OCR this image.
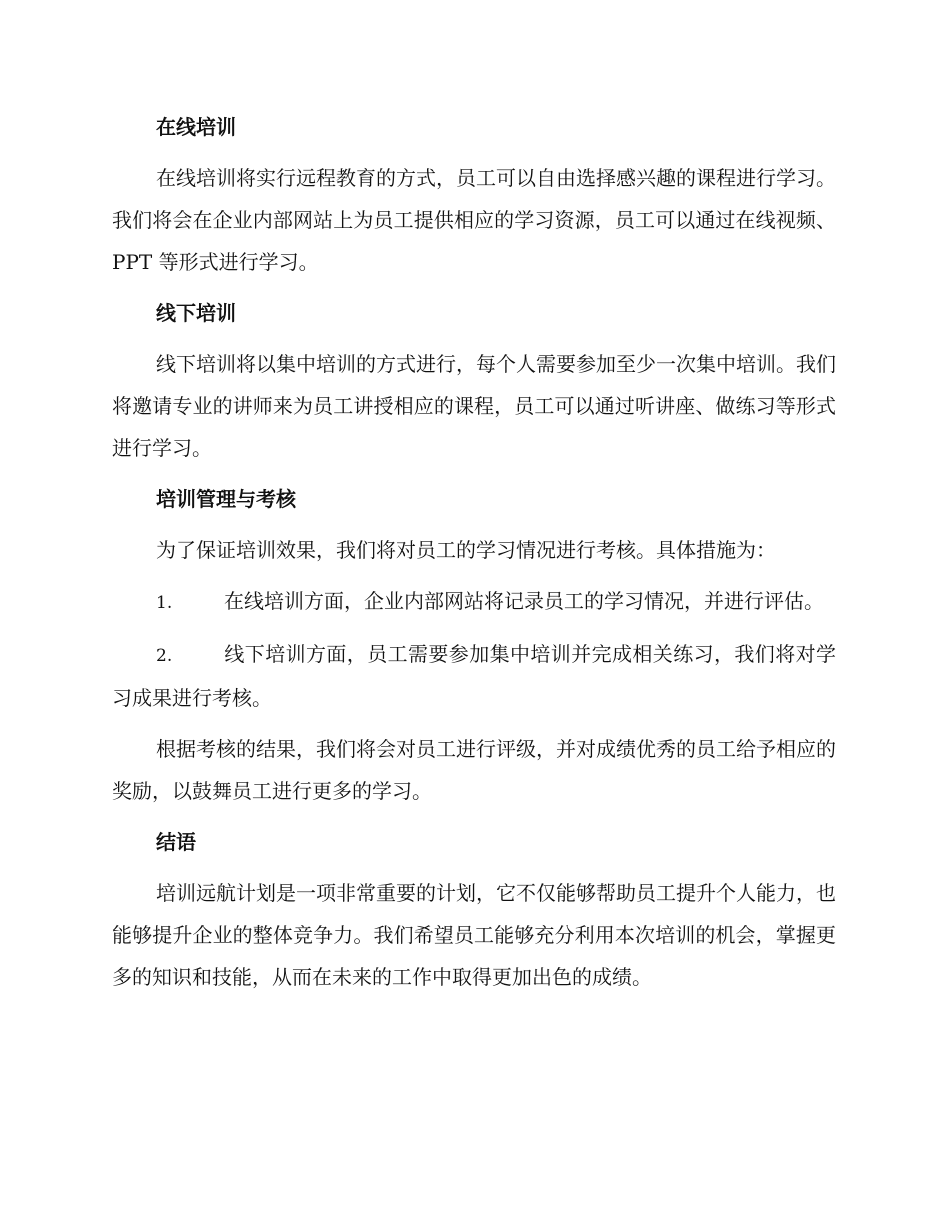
在线培训

在线培训将实行远程教育的方式，员工可以自由选择感兴趣的课程进行学习。我们将会在企业内部网站上为员工提供相应的学习资源，员工可以通过在线视频、PPT 等形式进行学习。

线下培训

线下培训将以集中培训的方式进行，每个人需要参加至少一次集中培训。我们将邀请专业的讲师来为员工讲授相应的课程，员工可以通过听讲座、做练习等形式进行学习。

培训管理与考核

为了保证培训效果，我们将对员工的学习情况进行考核。具体措施为：

1.	在线培训方面，企业内部网站将记录员工的学习情况，并进行评估。

2.	线下培训方面，员工需要参加集中培训并完成相关练习，我们将对学习成果进行考核。

根据考核的结果，我们将会对员工进行评级，并对成绩优秀的员工给予相应的奖励，以鼓舞员工进行更多的学习。

结语

培训远航计划是一项非常重要的计划，它不仅能够帮助员工提升个人能力，也能够提升企业的整体竞争力。我们希望员工能够充分利用本次培训的机会，掌握更多的知识和技能，从而在未来的工作中取得更加出色的成绩。
